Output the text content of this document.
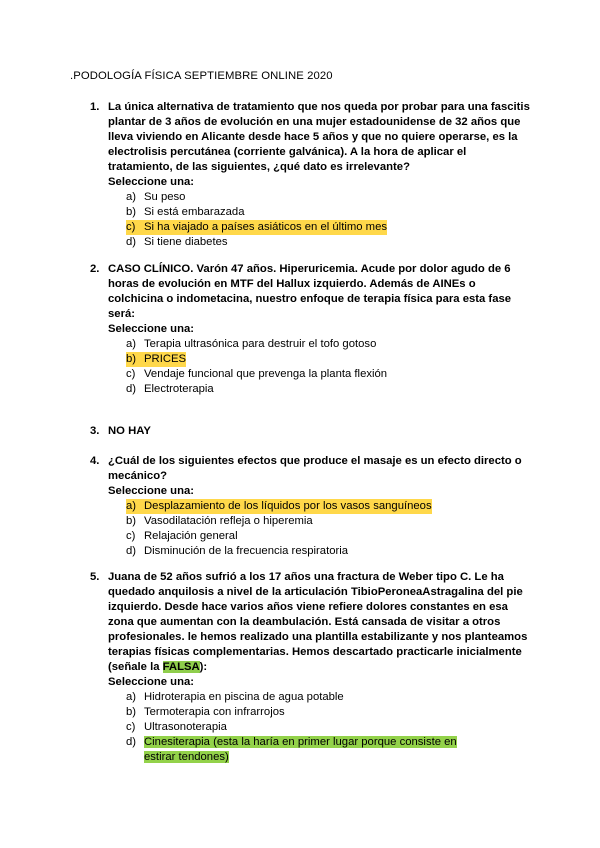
.PODOLOGÍA FÍSICA SEPTIEMBRE ONLINE 2020
1. La única alternativa de tratamiento que nos queda por probar para una fascitis plantar de 3 años de evolución en una mujer estadounidense de 32 años que lleva viviendo en Alicante desde hace 5 años y que no quiere operarse, es la electrolisis percutánea (corriente galvánica). A la hora de aplicar el tratamiento, de las siguientes, ¿qué dato es irrelevante?
Seleccione una:
a) Su peso
b) Si está embarazada
c) Si ha viajado a países asiáticos en el último mes
d) Si tiene diabetes
2. CASO CLÍNICO. Varón 47 años. Hiperuricemia. Acude por dolor agudo de 6 horas de evolución en MTF del Hallux izquierdo. Además de AINEs o colchicina o indometacina, nuestro enfoque de terapia física para esta fase será:
Seleccione una:
a) Terapia ultrasónica para destruir el tofo gotoso
b) PRICES
c) Vendaje funcional que prevenga la planta flexión
d) Electroterapia
3. NO HAY
4. ¿Cuál de los siguientes efectos que produce el masaje es un efecto directo o mecánico?
Seleccione una:
a) Desplazamiento de los líquidos por los vasos sanguíneos
b) Vasodilatación refleja o hiperemia
c) Relajación general
d) Disminución de la frecuencia respiratoria
5. Juana de 52 años sufrió a los 17 años una fractura de Weber tipo C. Le ha quedado anquilosis a nivel de la articulación TibioPeroneaAstragalina del pie izquierdo. Desde hace varios años viene refiere dolores constantes en esa zona que aumentan con la deambulación. Está cansada de visitar a otros profesionales. le hemos realizado una plantilla estabilizante y nos planteamos terapias físicas complementarias. Hemos descartado practicarle inicialmente (señale la FALSA):
Seleccione una:
a) Hidroterapia en piscina de agua potable
b) Termoterapia con infrarrojos
c) Ultrasonoterapia
d) Cinesiterapia (esta la haría en primer lugar porque consiste en estirar tendones)
